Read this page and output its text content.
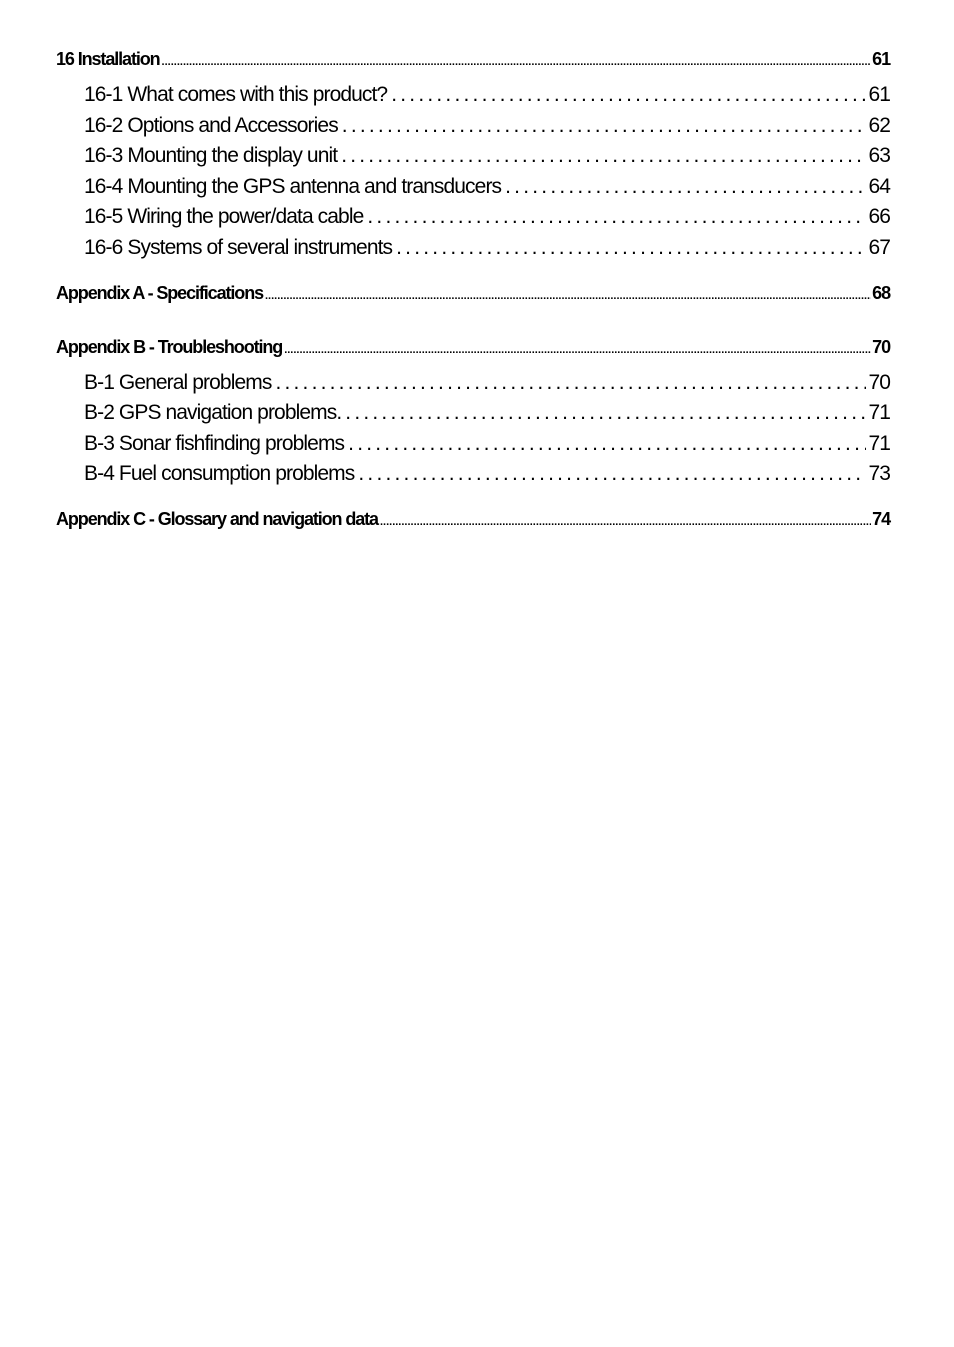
16 Installation .....	61
16-1 What comes with this product? .....	61
16-2 Options and Accessories .....	62
16-3 Mounting the display unit .....	63
16-4 Mounting the GPS antenna and transducers .....	64
16-5 Wiring the power/data cable .....	66
16-6 Systems of several instruments .....	67
Appendix A - Specifications .....	68
Appendix B - Troubleshooting .....	70
B-1 General problems .....	70
B-2 GPS navigation problems. .....	71
B-3 Sonar fishfinding problems .....	71
B-4 Fuel consumption problems .....	73
Appendix C - Glossary and navigation data .....	74
